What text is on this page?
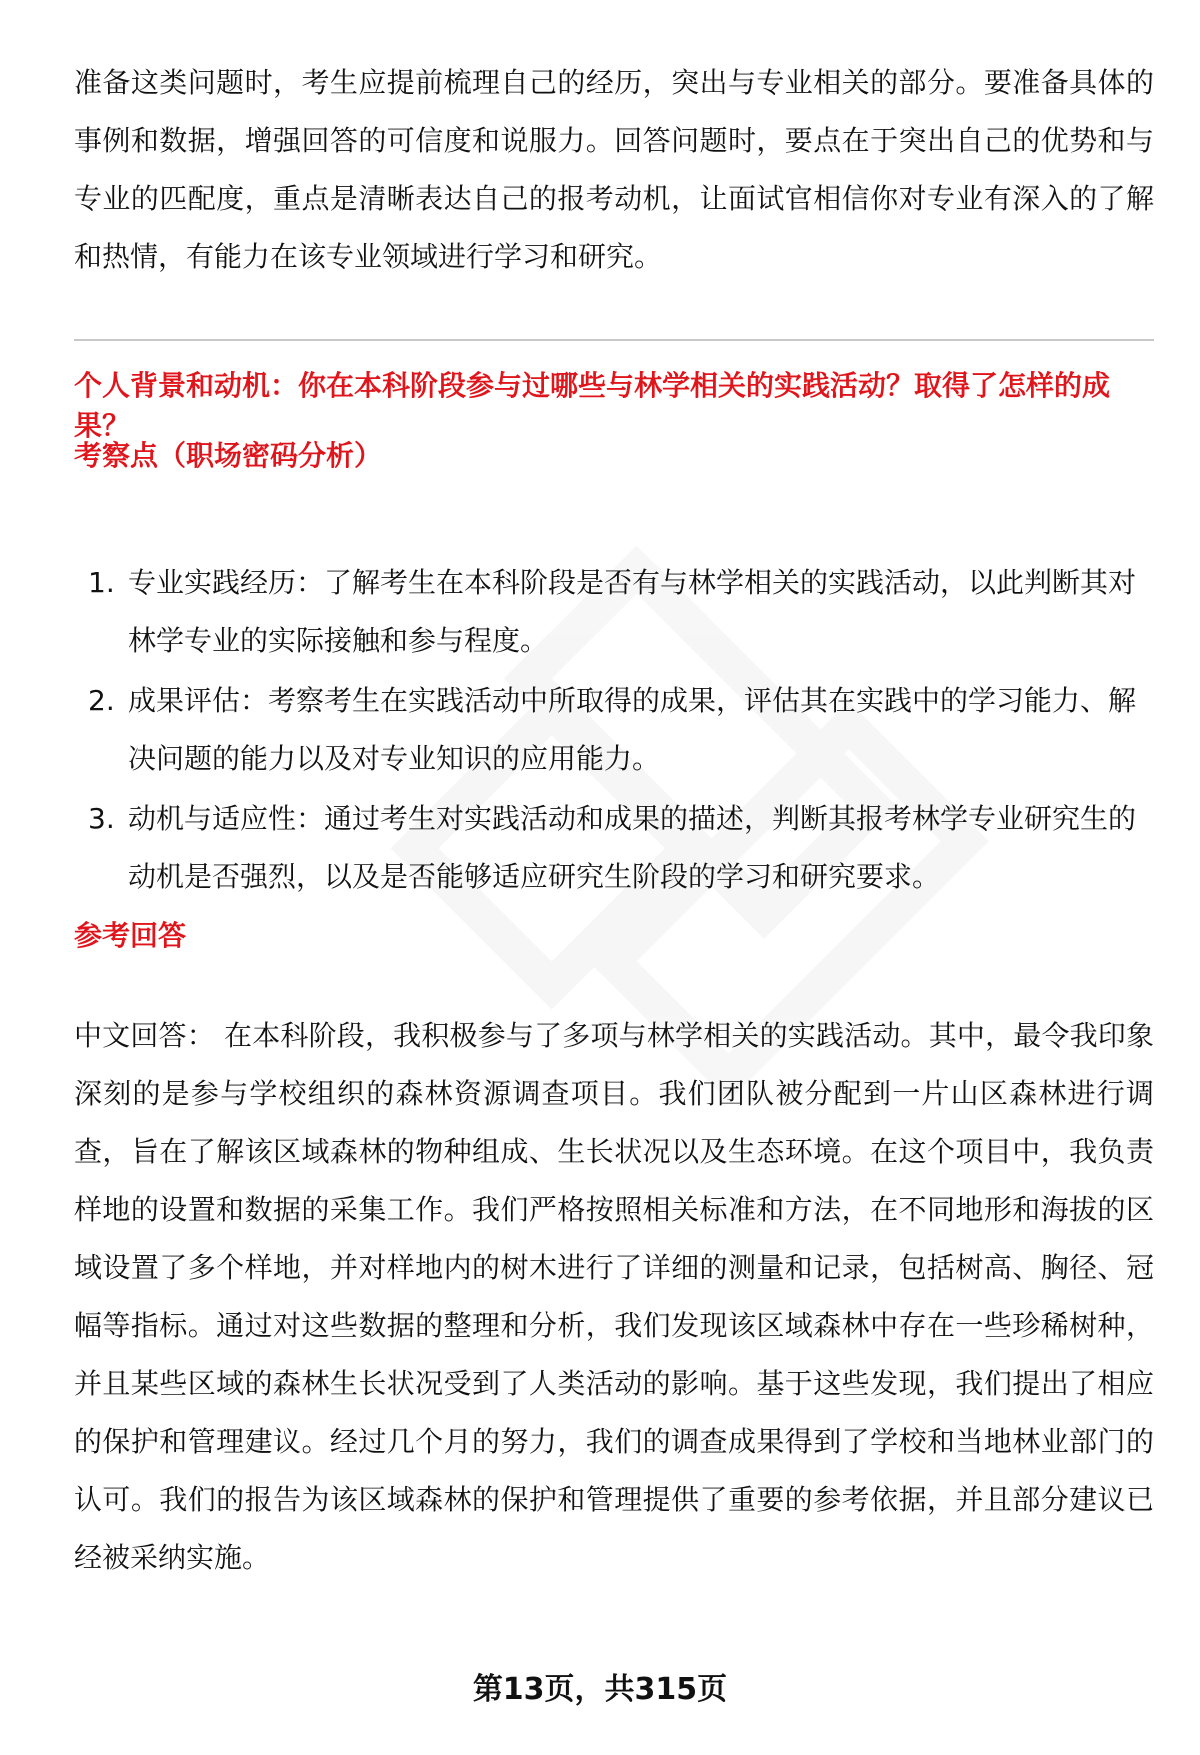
准备这类问题时，考生应提前梳理自己的经历，突出与专业相关的部分。要准备具体的事例和数据，增强回答的可信度和说服力。回答问题时，要点在于突出自己的优势和与专业的匹配度，重点是清晰表达自己的报考动机，让面试官相信你对专业有深入的了解和热情，有能力在该专业领域进行学习和研究。

个人背景和动机：你在本科阶段参与过哪些与林学相关的实践活动？取得了怎样的成果？

考察点（职场密码分析）

1. 专业实践经历：了解考生在本科阶段是否有与林学相关的实践活动，以此判断其对林学专业的实际接触和参与程度。
2. 成果评估：考察考生在实践活动中所取得的成果，评估其在实践中的学习能力、解决问题的能力以及对专业知识的应用能力。
3. 动机与适应性：通过考生对实践活动和成果的描述，判断其报考林学专业研究生的动机是否强烈，以及是否能够适应研究生阶段的学习和研究要求。

参考回答

中文回答： 在本科阶段，我积极参与了多项与林学相关的实践活动。其中，最令我印象深刻的是参与学校组织的森林资源调查项目。我们团队被分配到一片山区森林进行调查，旨在了解该区域森林的物种组成、生长状况以及生态环境。在这个项目中，我负责样地的设置和数据的采集工作。我们严格按照相关标准和方法，在不同地形和海拔的区域设置了多个样地，并对样地内的树木进行了详细的测量和记录，包括树高、胸径、冠幅等指标。通过对这些数据的整理和分析，我们发现该区域森林中存在一些珍稀树种，并且某些区域的森林生长状况受到了人类活动的影响。基于这些发现，我们提出了相应的保护和管理建议。经过几个月的努力，我们的调查成果得到了学校和当地林业部门的认可。我们的报告为该区域森林的保护和管理提供了重要的参考依据，并且部分建议已经被采纳实施。

第13页，共315页
